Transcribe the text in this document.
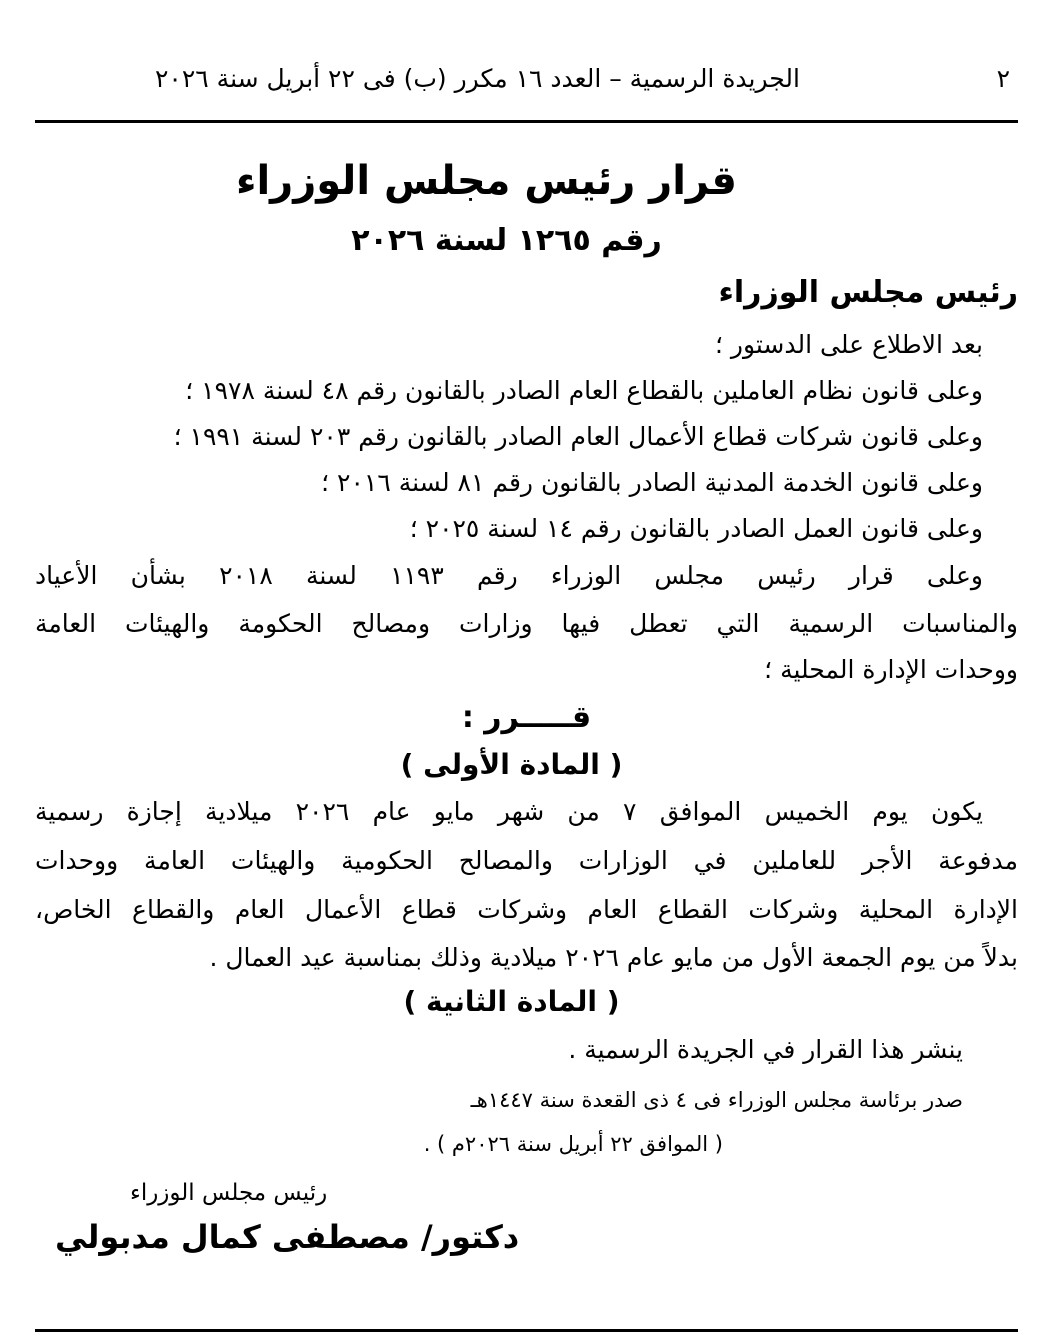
٢
الجريدة الرسمية – العدد ١٦ مكرر (ب) فى ٢٢ أبريل سنة ٢٠٢٦
قرار رئيس مجلس الوزراء
رقم ١٢٦٥ لسنة ٢٠٢٦
رئيس مجلس الوزراء
بعد الاطلاع على الدستور ؛
وعلى قانون نظام العاملين بالقطاع العام الصادر بالقانون رقم ٤٨ لسنة ١٩٧٨ ؛
وعلى قانون شركات قطاع الأعمال العام الصادر بالقانون رقم ٢٠٣ لسنة ١٩٩١ ؛
وعلى قانون الخدمة المدنية الصادر بالقانون رقم ٨١ لسنة ٢٠١٦ ؛
وعلى قانون العمل الصادر بالقانون رقم ١٤ لسنة ٢٠٢٥ ؛
وعلى قرار رئيس مجلس الوزراء رقم ١١٩٣ لسنة ٢٠١٨ بشأن الأعياد
والمناسبات الرسمية التي تعطل فيها وزارات ومصالح الحكومة والهيئات العامة
ووحدات الإدارة المحلية ؛
قـــــرر :
( المادة الأولى )
يكون يوم الخميس الموافق ٧ من شهر مايو عام ٢٠٢٦ ميلادية إجازة رسمية
مدفوعة الأجر للعاملين في الوزارات والمصالح الحكومية والهيئات العامة ووحدات
الإدارة المحلية وشركات القطاع العام وشركات قطاع الأعمال العام والقطاع الخاص،
بدلاً من يوم الجمعة الأول من مايو عام ٢٠٢٦ ميلادية وذلك بمناسبة عيد العمال .
( المادة الثانية )
ينشر هذا القرار في الجريدة الرسمية .
صدر برئاسة مجلس الوزراء فى ٤ ذى القعدة سنة ١٤٤٧هـ
( الموافق ٢٢ أبريل سنة ٢٠٢٦م ) .
رئيس مجلس الوزراء
دكتور/ مصطفى كمال مدبولي
